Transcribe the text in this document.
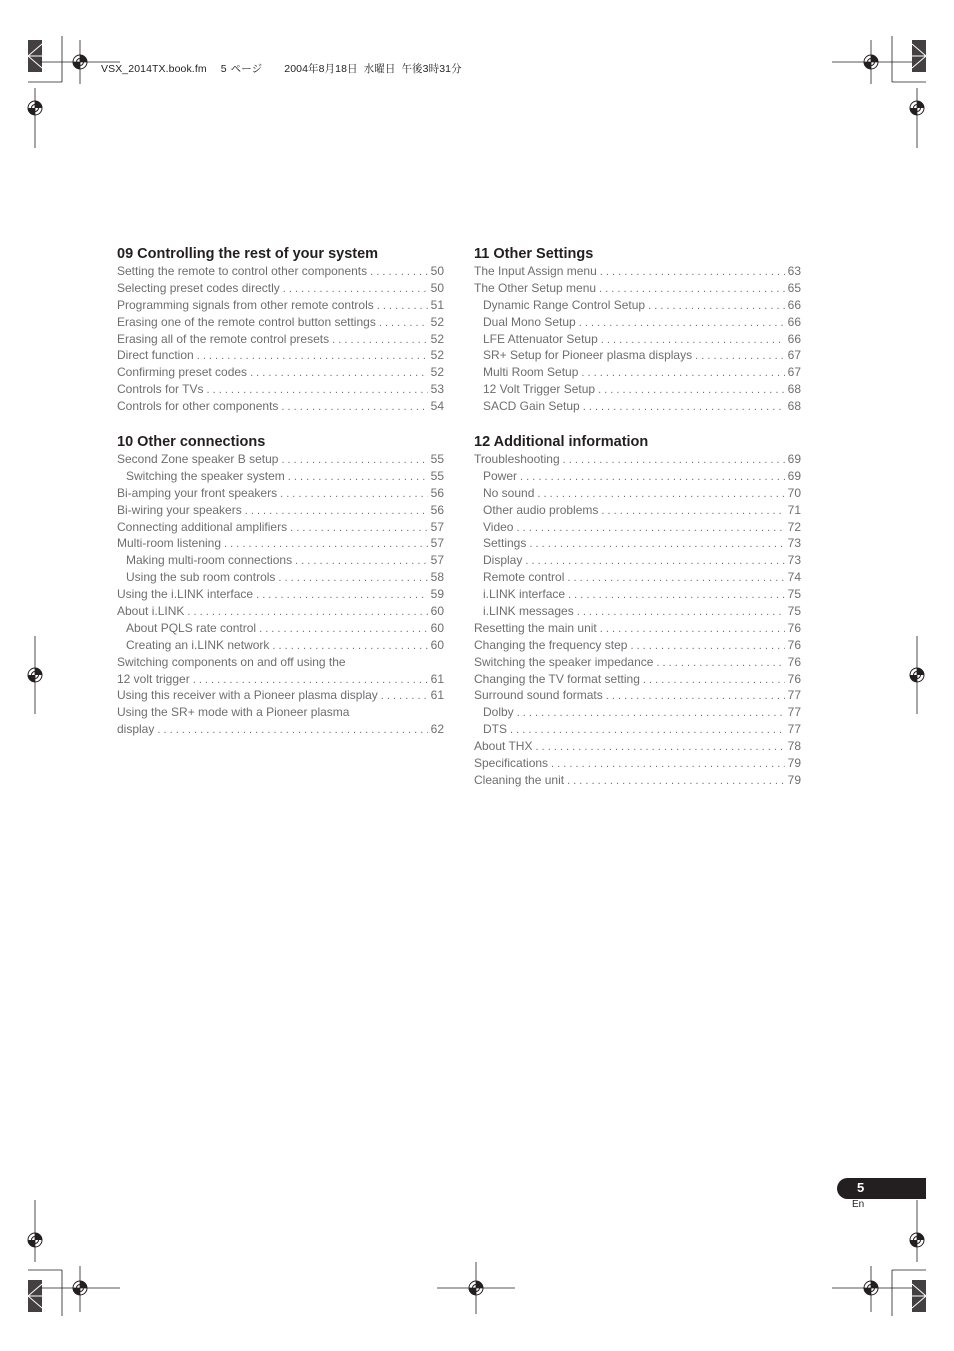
VSX_2014TX.book.fm 5 ページ 2004年8月18日 水曜日 午後3時31分
09 Controlling the rest of your system
Setting the remote to control other components . . .	50
Selecting preset codes directly . . .	50
Programming signals from other remote controls . . .	51
Erasing one of the remote control button settings . . .	52
Erasing all of the remote control presets . . .	52
Direct function . . .	52
Confirming preset codes . . .	52
Controls for TVs . . .	53
Controls for other components . . .	54
10 Other connections
Second Zone speaker B setup . . .	55
Switching the speaker system . . .	55
Bi-amping your front speakers . . .	56
Bi-wiring your speakers . . .	56
Connecting additional amplifiers . . .	57
Multi-room listening . . .	57
Making multi-room connections . . .	57
Using the sub room controls . . .	58
Using the i.LINK interface . . .	59
About i.LINK . . .	60
About PQLS rate control . . .	60
Creating an i.LINK network . . .	60
Switching components on and off using the
12 volt trigger . . .	61
Using this receiver with a Pioneer plasma display . . .	61
Using the SR+ mode with a Pioneer plasma
display . . .	62
11 Other Settings
The Input Assign menu . . .	63
The Other Setup menu . . .	65
Dynamic Range Control Setup . . .	66
Dual Mono Setup . . .	66
LFE Attenuator Setup . . .	66
SR+ Setup for Pioneer plasma displays . . .	67
Multi Room Setup . . .	67
12 Volt Trigger Setup . . .	68
SACD Gain Setup . . .	68
12 Additional information
Troubleshooting . . .	69
Power . . .	69
No sound . . .	70
Other audio problems . . .	71
Video . . .	72
Settings . . .	73
Display . . .	73
Remote control . . .	74
i.LINK interface . . .	75
i.LINK messages . . .	75
Resetting the main unit . . .	76
Changing the frequency step . . .	76
Switching the speaker impedance . . .	76
Changing the TV format setting . . .	76
Surround sound formats . . .	77
Dolby . . .	77
DTS . . .	77
About THX . . .	78
Specifications . . .	79
Cleaning the unit . . .	79
5
En
